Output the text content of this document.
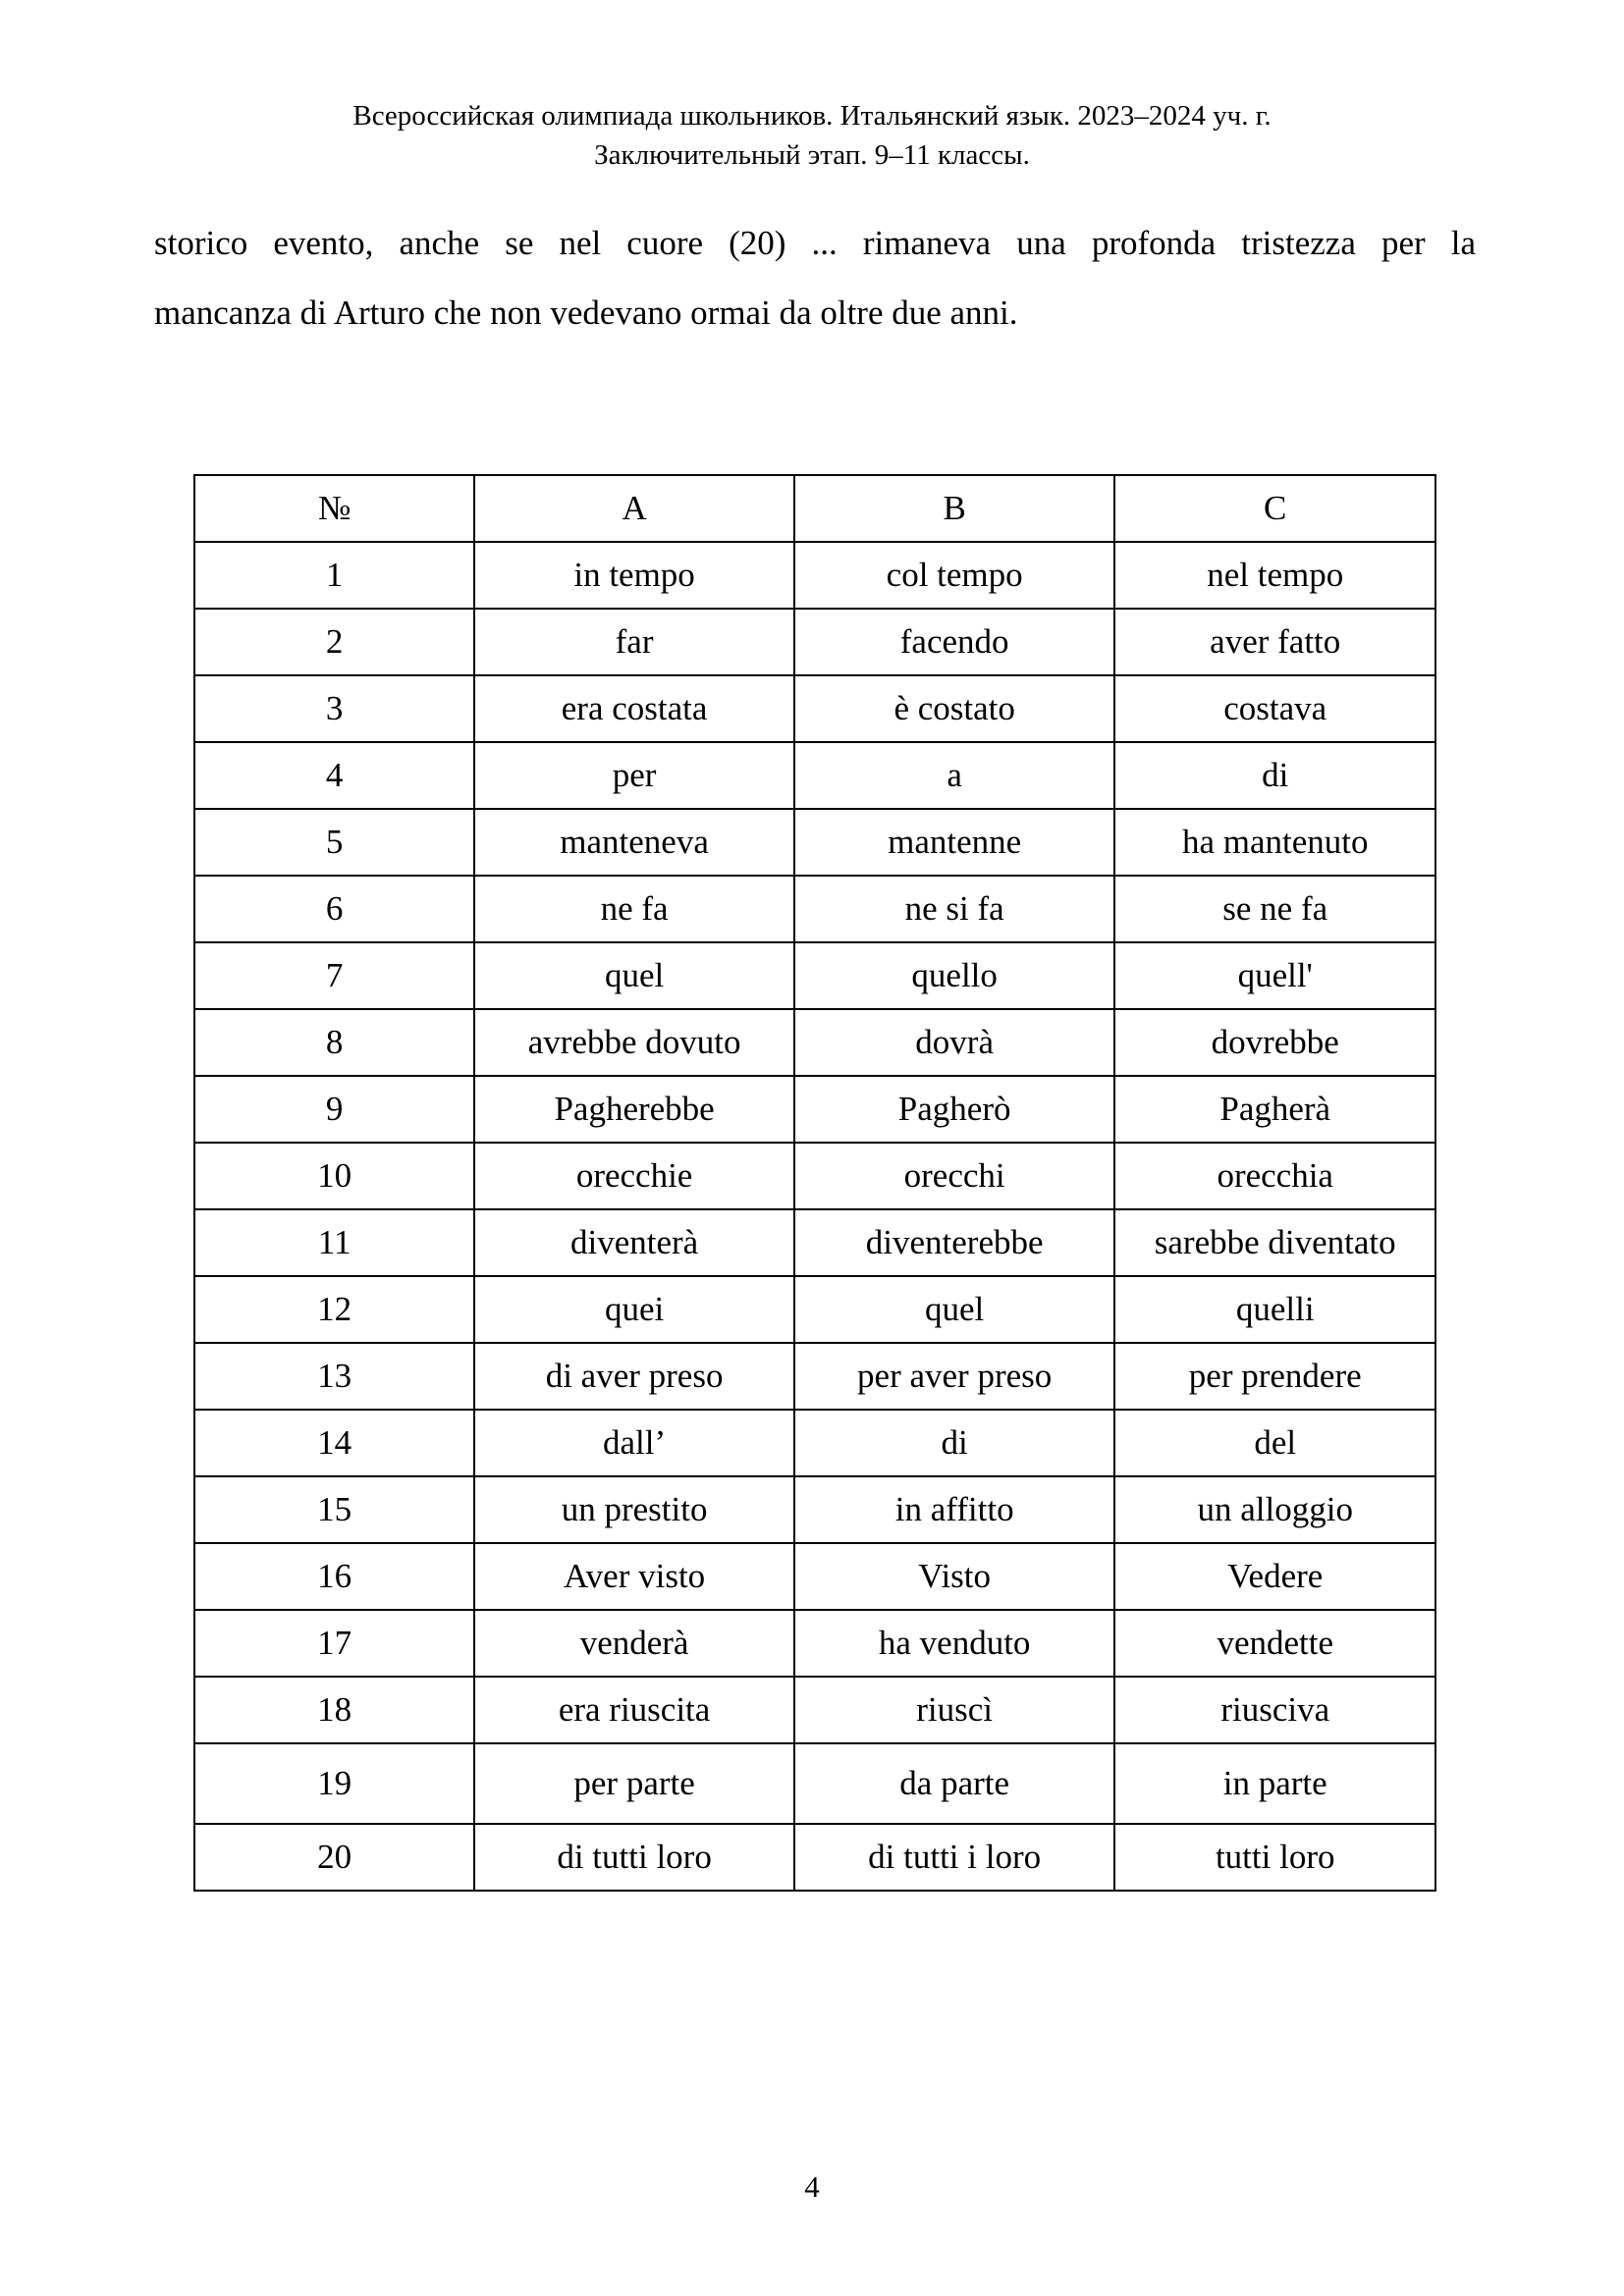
Всероссийская олимпиада школьников. Итальянский язык. 2023–2024 уч. г.
Заключительный этап. 9–11 классы.
storico evento, anche se nel cuore (20) ... rimaneva una profonda tristezza per la
mancanza di Arturo che non vedevano ormai da oltre due anni.
№	A	B	C
1	in tempo	col tempo	nel tempo
2	far	facendo	aver fatto
3	era costata	è costato	costava
4	per	a	di
5	manteneva	mantenne	ha mantenuto
6	ne fa	ne si fa	se ne fa
7	quel	quello	quell'
8	avrebbe dovuto	dovrà	dovrebbe
9	Pagherebbe	Pagherò	Pagherà
10	orecchie	orecchi	orecchia
11	diventerà	diventerebbe	sarebbe diventato
12	quei	quel	quelli
13	di aver preso	per aver preso	per prendere
14	dall’	di	del
15	un prestito	in affitto	un alloggio
16	Aver visto	Visto	Vedere
17	venderà	ha venduto	vendette
18	era riuscita	riuscì	riusciva
19	per parte	da parte	in parte
20	di tutti loro	di tutti i loro	tutti loro
4
